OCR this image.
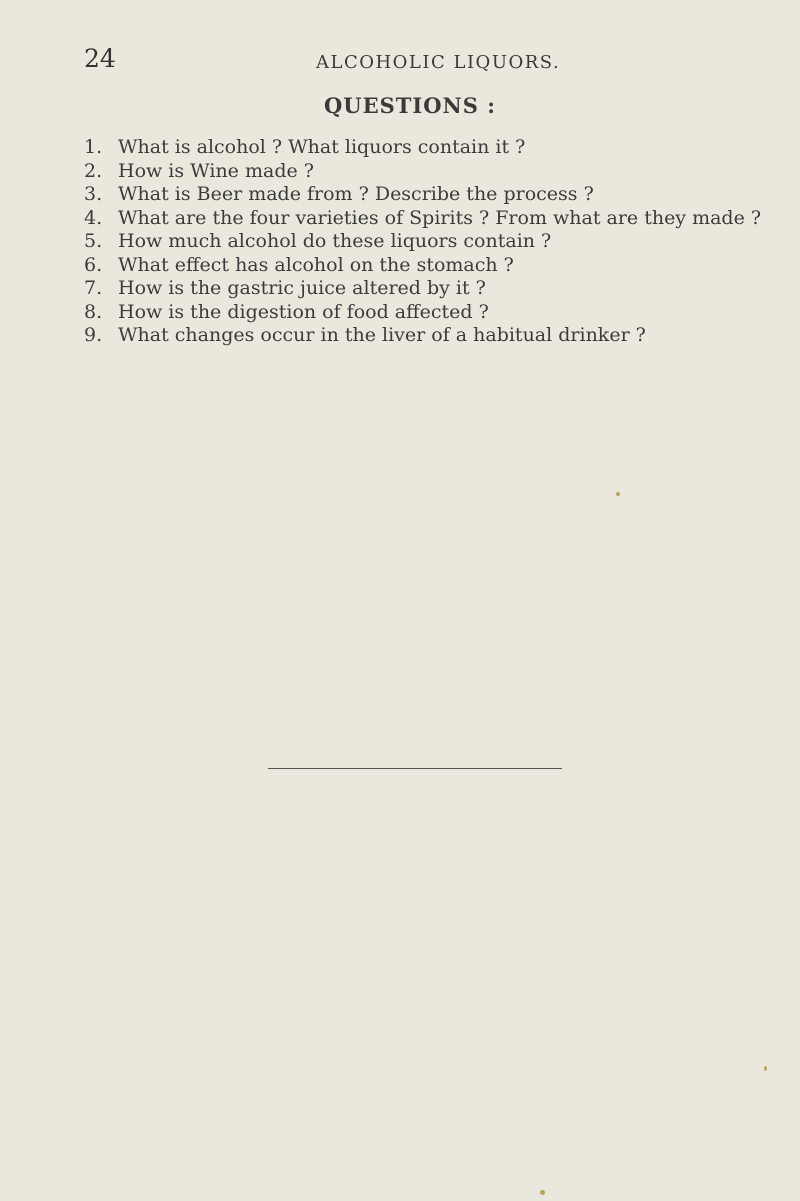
24	ALCOHOLIC LIQUORS.
QUESTIONS :
1. What is alcohol ? What liquors contain it ?
2. How is Wine made ?
3. What is Beer made from ? Describe the process ?
4. What are the four varieties of Spirits ? From what are they made ?
5. How much alcohol do these liquors contain ?
6. What effect has alcohol on the stomach ?
7. How is the gastric juice altered by it ?
8. How is the digestion of food affected ?
9. What changes occur in the liver of a habitual drinker ?
